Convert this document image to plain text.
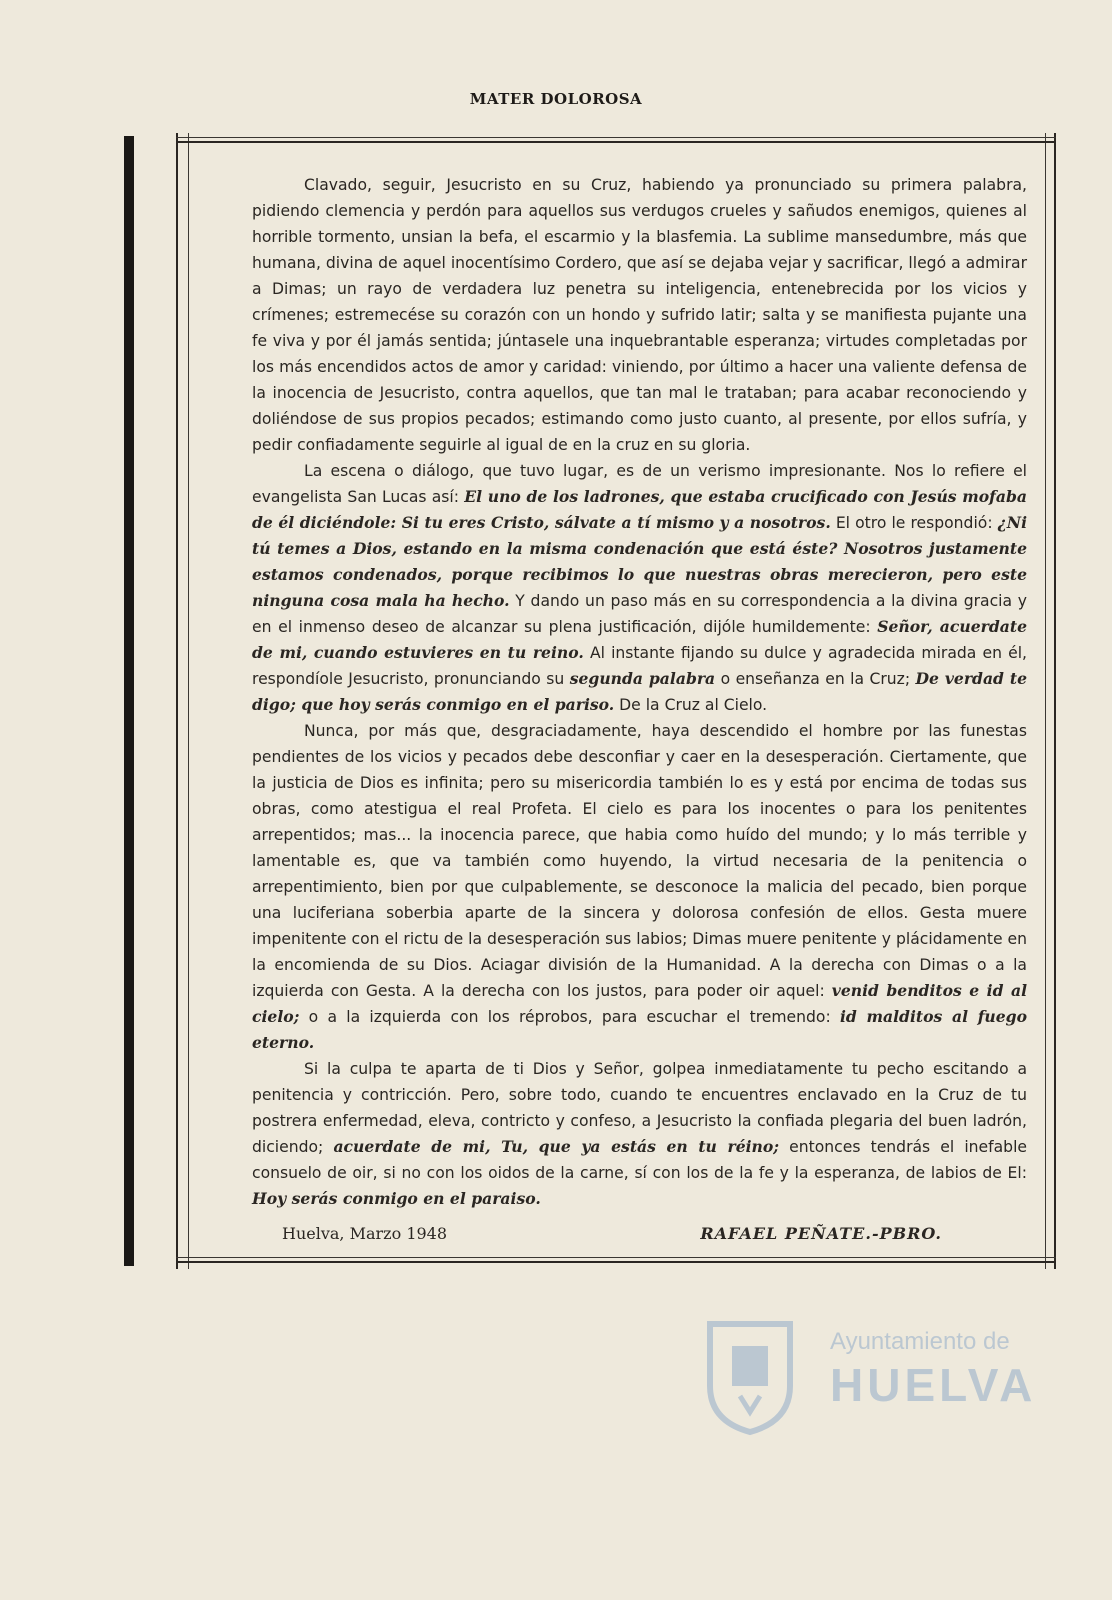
MATER DOLOROSA

Clavado, seguir, Jesucristo en su Cruz, habiendo ya pronunciado su primera palabra, pidiendo clemencia y perdón para aquellos sus verdugos crueles y sañudos enemigos, quienes al horrible tormento, unsian la befa, el escarmio y la blasfemia. La sublime mansedumbre, más que humana, divina de aquel inocentísimo Cordero, que así se dejaba vejar y sacrificar, llegó a admirar a Dimas; un rayo de verdadera luz penetra su inteligencia, entenebrecida por los vicios y crímenes; estremecése su corazón con un hondo y sufrido latir; salta y se manifiesta pujante una fe viva y por él jamás sentida; júntasele una inquebrantable esperanza; virtudes completadas por los más encendidos actos de amor y caridad: viniendo, por último a hacer una valiente defensa de la inocencia de Jesucristo, contra aquellos, que tan mal le trataban; para acabar reconociendo y doliéndose de sus propios pecados; estimando como justo cuanto, al presente, por ellos sufría, y pedir confiadamente seguirle al igual de en la cruz en su gloria.

La escena o diálogo, que tuvo lugar, es de un verismo impresionante. Nos lo refiere el evangelista San Lucas así: El uno de los ladrones, que estaba crucificado con Jesús mofaba de él diciéndole: Si tu eres Cristo, sálvate a tí mismo y a nosotros. El otro le respondió: ¿Ni tú temes a Dios, estando en la misma condenación que está éste? Nosotros justamente estamos condenados, porque recibimos lo que nuestras obras merecieron, pero este ninguna cosa mala ha hecho. Y dando un paso más en su correspondencia a la divina gracia y en el inmenso deseo de alcanzar su plena justificación, dijóle humildemente: Señor, acuerdate de mi, cuando estuvieres en tu reino. Al instante fijando su dulce y agradecida mirada en él, respondíole Jesucristo, pronunciando su segunda palabra o enseñanza en la Cruz; De verdad te digo; que hoy serás conmigo en el pariso. De la Cruz al Cielo.

Nunca, por más que, desgraciadamente, haya descendido el hombre por las funestas pendientes de los vicios y pecados debe desconfiar y caer en la desesperación. Ciertamente, que la justicia de Dios es infinita; pero su misericordia también lo es y está por encima de todas sus obras, como atestigua el real Profeta. El cielo es para los inocentes o para los penitentes arrepentidos; mas... la inocencia parece, que habia como huído del mundo; y lo más terrible y lamentable es, que va también como huyendo, la virtud necesaria de la penitencia o arrepentimiento, bien por que culpablemente, se desconoce la malicia del pecado, bien porque una luciferiana soberbia aparte de la sincera y dolorosa confesión de ellos. Gesta muere impenitente con el rictu de la desesperación sus labios; Dimas muere penitente y plácidamente en la encomienda de su Dios. Aciagar división de la Humanidad. A la derecha con Dimas o a la izquierda con Gesta. A la derecha con los justos, para poder oir aquel: venid benditos e id al cielo; o a la izquierda con los réprobos, para escuchar el tremendo: id malditos al fuego eterno.

Si la culpa te aparta de ti Dios y Señor, golpea inmediatamente tu pecho escitando a penitencia y contricción. Pero, sobre todo, cuando te encuentres enclavado en la Cruz de tu postrera enfermedad, eleva, contricto y confeso, a Jesucristo la confiada plegaria del buen ladrón, diciendo; acuerdate de mi, Tu, que ya estás en tu réino; entonces tendrás el inefable consuelo de oir, si no con los oidos de la carne, sí con los de la fe y la esperanza, de labios de El: Hoy serás conmigo en el paraiso.

Huelva, Marzo 1948	RAFAEL PEÑATE.-PBRO.
Ayuntamiento de
HUELVA
